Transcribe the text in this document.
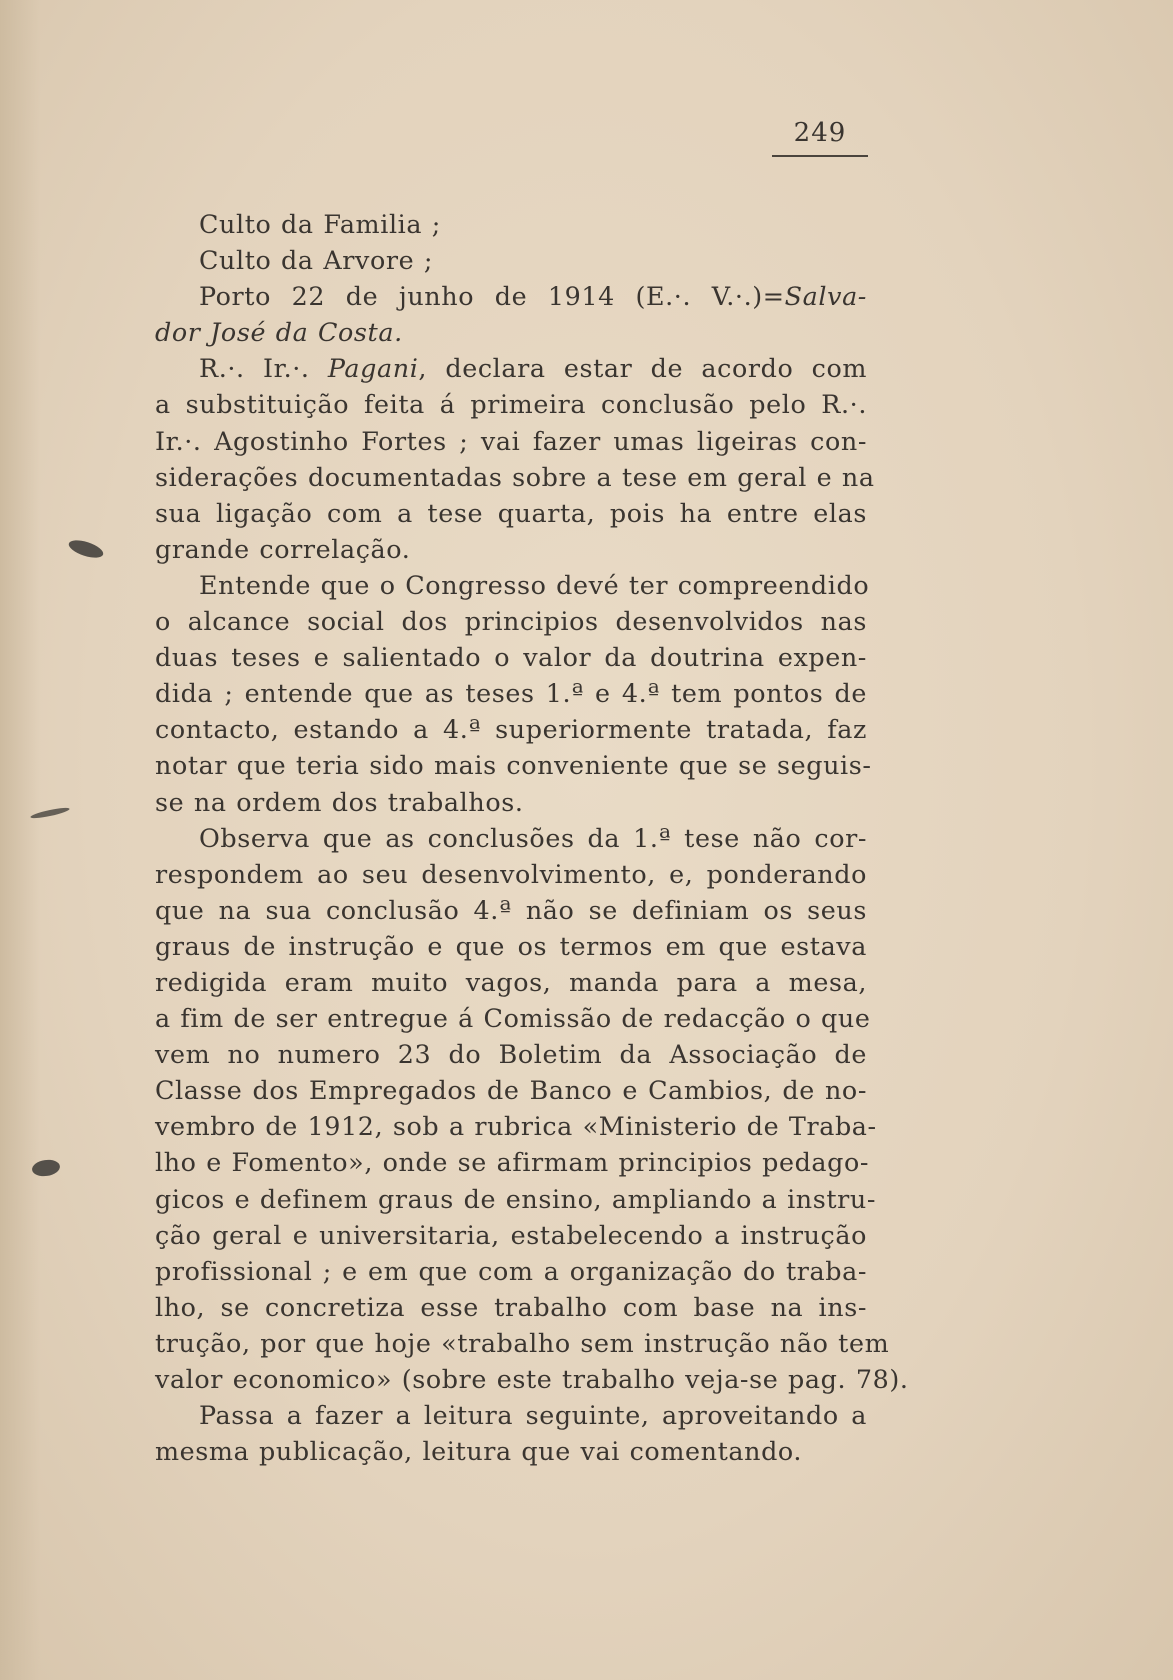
249
Culto da Familia ;
Culto da Arvore ;
Porto 22 de junho de 1914 (E.·. V.·.)=Salva-
dor José da Costa.
R.·. Ir.·. Pagani, declara estar de acordo com
a substituição feita á primeira conclusão pelo R.·.
Ir.·. Agostinho Fortes ; vai fazer umas ligeiras con-
siderações documentadas sobre a tese em geral e na
sua ligação com a tese quarta, pois ha entre elas
grande correlação.
Entende que o Congresso devé ter compreendido
o alcance social dos principios desenvolvidos nas
duas teses e salientado o valor da doutrina expen-
dida ; entende que as teses 1.ª e 4.ª tem pontos de
contacto, estando a 4.ª superiormente tratada, faz
notar que teria sido mais conveniente que se seguis-
se na ordem dos trabalhos.
Observa que as conclusões da 1.ª tese não cor-
respondem ao seu desenvolvimento, e, ponderando
que na sua conclusão 4.ª não se definiam os seus
graus de instrução e que os termos em que estava
redigida eram muito vagos, manda para a mesa,
a fim de ser entregue á Comissão de redacção o que
vem no numero 23 do Boletim da Associação de
Classe dos Empregados de Banco e Cambios, de no-
vembro de 1912, sob a rubrica «Ministerio de Traba-
lho e Fomento», onde se afirmam principios pedago-
gicos e definem graus de ensino, ampliando a instru-
ção geral e universitaria, estabelecendo a instrução
profissional ; e em que com a organização do traba-
lho, se concretiza esse trabalho com base na ins-
trução, por que hoje «trabalho sem instrução não tem
valor economico» (sobre este trabalho veja-se pag. 78).
Passa a fazer a leitura seguinte, aproveitando a
mesma publicação, leitura que vai comentando.
